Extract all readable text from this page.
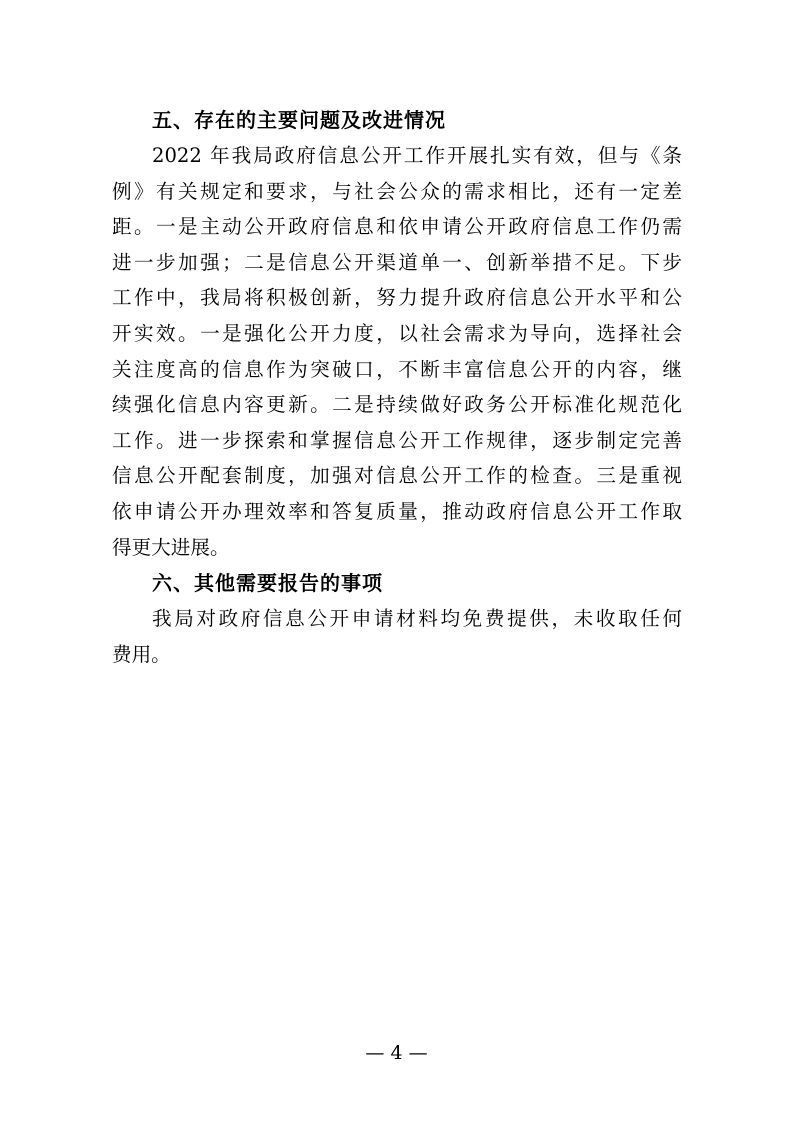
五、存在的主要问题及改进情况
2022 年我局政府信息公开工作开展扎实有效，但与《条
例》有关规定和要求，与社会公众的需求相比，还有一定差
距。一是主动公开政府信息和依申请公开政府信息工作仍需
进一步加强；二是信息公开渠道单一、创新举措不足。下步
工作中，我局将积极创新，努力提升政府信息公开水平和公
开实效。一是强化公开力度，以社会需求为导向，选择社会
关注度高的信息作为突破口，不断丰富信息公开的内容，继
续强化信息内容更新。二是持续做好政务公开标准化规范化
工作。进一步探索和掌握信息公开工作规律，逐步制定完善
信息公开配套制度，加强对信息公开工作的检查。三是重视
依申请公开办理效率和答复质量，推动政府信息公开工作取
得更大进展。
六、其他需要报告的事项
我局对政府信息公开申请材料均免费提供，未收取任何
费用。
— 4 —
